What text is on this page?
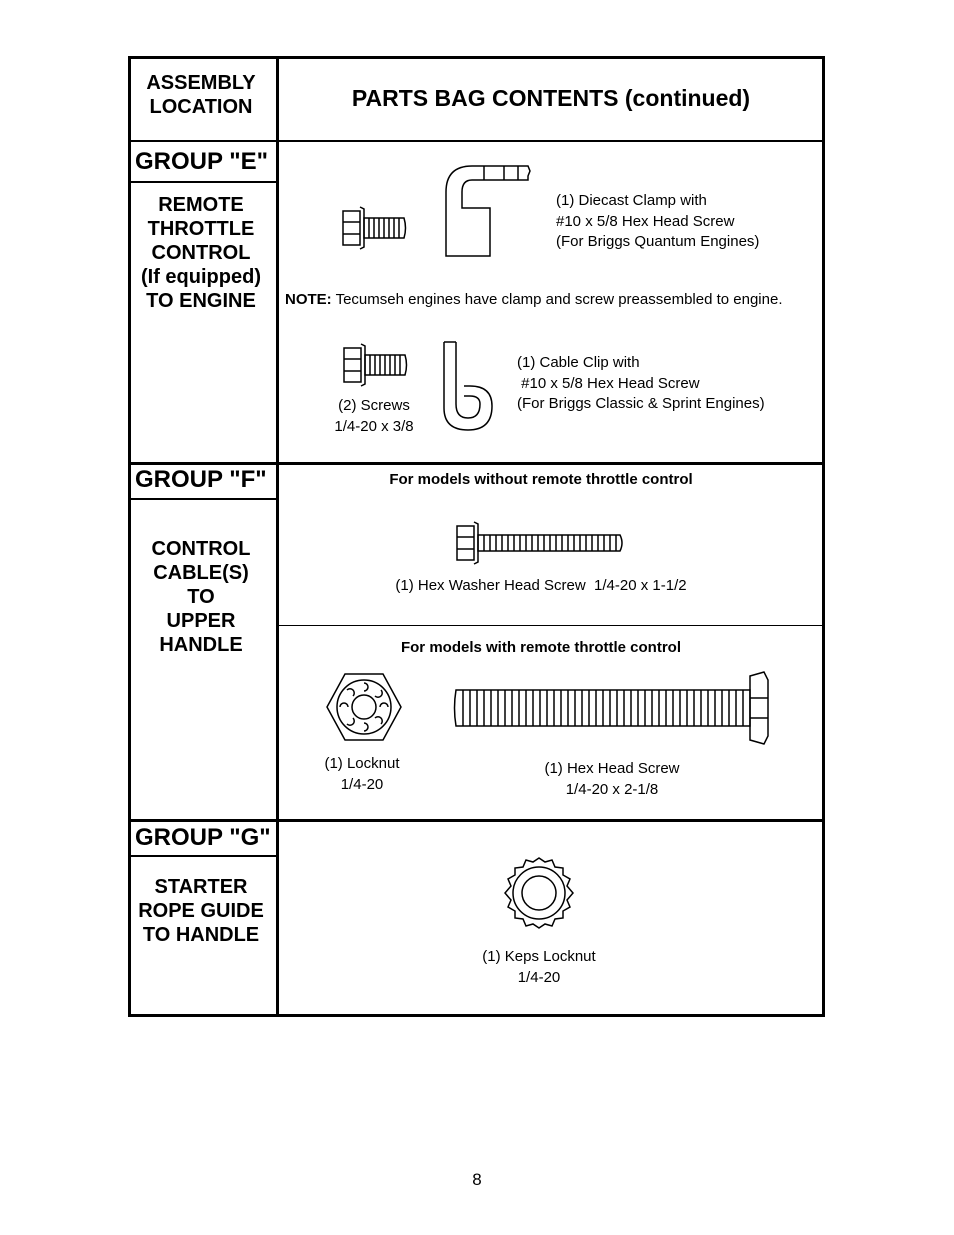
ASSEMBLY
LOCATION	PARTS BAG CONTENTS (continued)
GROUP "E"
REMOTE
THROTTLE
CONTROL
(If equipped)
TO ENGINE
(1) Diecast Clamp with
#10 x 5/8 Hex Head Screw
(For Briggs Quantum Engines)
NOTE: Tecumseh engines have clamp and screw preassembled to engine.
(2) Screws
1/4-20 x 3/8
(1) Cable Clip with
#10 x 5/8 Hex Head Screw
(For Briggs Classic & Sprint Engines)
GROUP "F"
CONTROL
CABLE(S)
TO
UPPER
HANDLE
For models without remote throttle control
(1) Hex Washer Head Screw  1/4-20 x 1-1/2
For models with remote throttle control
(1) Locknut
1/4-20
(1) Hex Head Screw
1/4-20 x 2-1/8
GROUP "G"
STARTER
ROPE GUIDE
TO HANDLE
(1) Keps Locknut
1/4-20
8
